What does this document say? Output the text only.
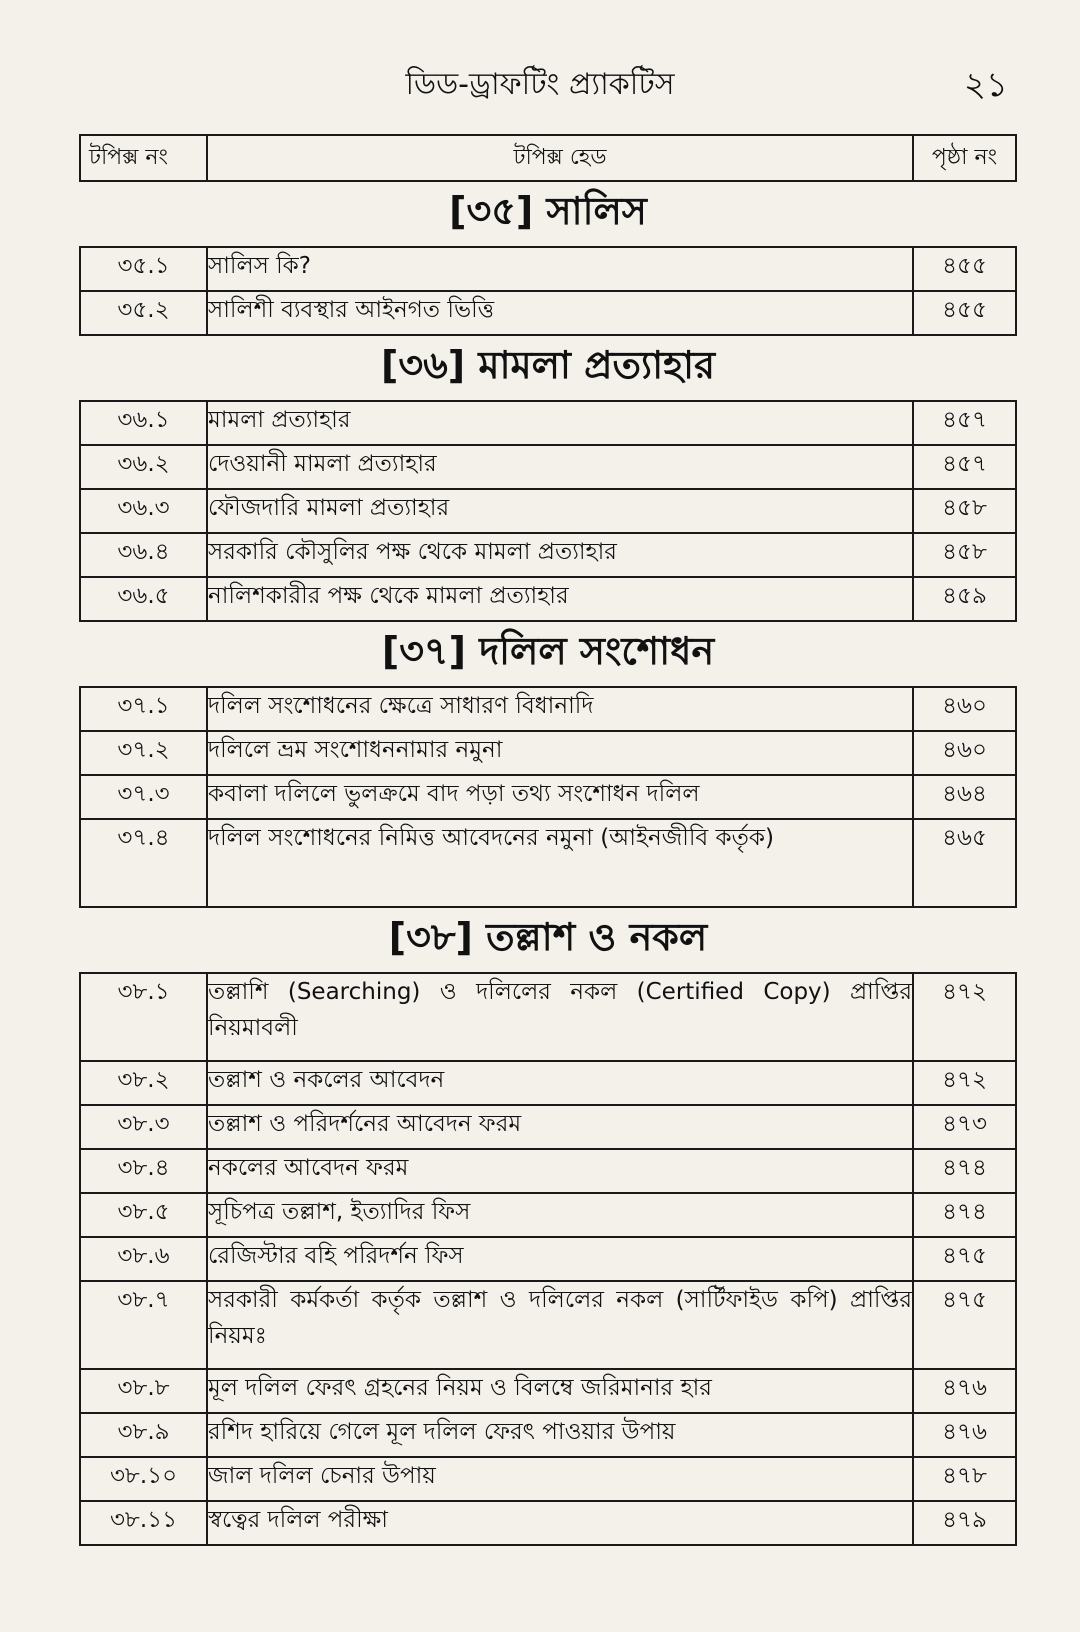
ডিড-ড্রাফটিং প্র্যাকটিস	২১
টপিক্স নং	টপিক্স হেড	পৃষ্ঠা নং
[৩৫] সালিস		
৩৫.১	সালিস কি?	৪৫৫
৩৫.২	সালিশী ব্যবস্থার আইনগত ভিত্তি	৪৫৫
[৩৬] মামলা প্রত্যাহার		
৩৬.১	মামলা প্রত্যাহার	৪৫৭
৩৬.২	দেওয়ানী মামলা প্রত্যাহার	৪৫৭
৩৬.৩	ফৌজদারি মামলা প্রত্যাহার	৪৫৮
৩৬.৪	সরকারি কৌসুলির পক্ষ থেকে মামলা প্রত্যাহার	৪৫৮
৩৬.৫	নালিশকারীর পক্ষ থেকে মামলা প্রত্যাহার	৪৫৯
[৩৭] দলিল সংশোধন		
৩৭.১	দলিল সংশোধনের ক্ষেত্রে সাধারণ বিধানাদি	৪৬০
৩৭.২	দলিলে ভ্রম সংশোধননামার নমুনা	৪৬০
৩৭.৩	কবালা দলিলে ভুলক্রমে বাদ পড়া তথ্য সংশোধন দলিল	৪৬৪
৩৭.৪	দলিল সংশোধনের নিমিত্ত আবেদনের নমুনা (আইনজীবি কর্তৃক)	৪৬৫
[৩৮] তল্লাশ ও নকল		
৩৮.১	তল্লাশি (Searching) ও দলিলের নকল (Certified Copy) প্রাপ্তির নিয়মাবলী	৪৭২
৩৮.২	তল্লাশ ও নকলের আবেদন	৪৭২
৩৮.৩	তল্লাশ ও পরিদর্শনের আবেদন ফরম	৪৭৩
৩৮.৪	নকলের আবেদন ফরম	৪৭৪
৩৮.৫	সূচিপত্র তল্লাশ, ইত্যাদির ফিস	৪৭৪
৩৮.৬	রেজিস্টার বহি পরিদর্শন ফিস	৪৭৫
৩৮.৭	সরকারী কর্মকর্তা কর্তৃক তল্লাশ ও দলিলের নকল (সার্টিফাইড কপি) প্রাপ্তির নিয়মঃ	৪৭৫
৩৮.৮	মূল দলিল ফেরৎ গ্রহনের নিয়ম ও বিলম্বে জরিমানার হার	৪৭৬
৩৮.৯	রশিদ হারিয়ে গেলে মূল দলিল ফেরৎ পাওয়ার উপায়	৪৭৬
৩৮.১০	জাল দলিল চেনার উপায়	৪৭৮
৩৮.১১	স্বত্বের দলিল পরীক্ষা	৪৭৯
